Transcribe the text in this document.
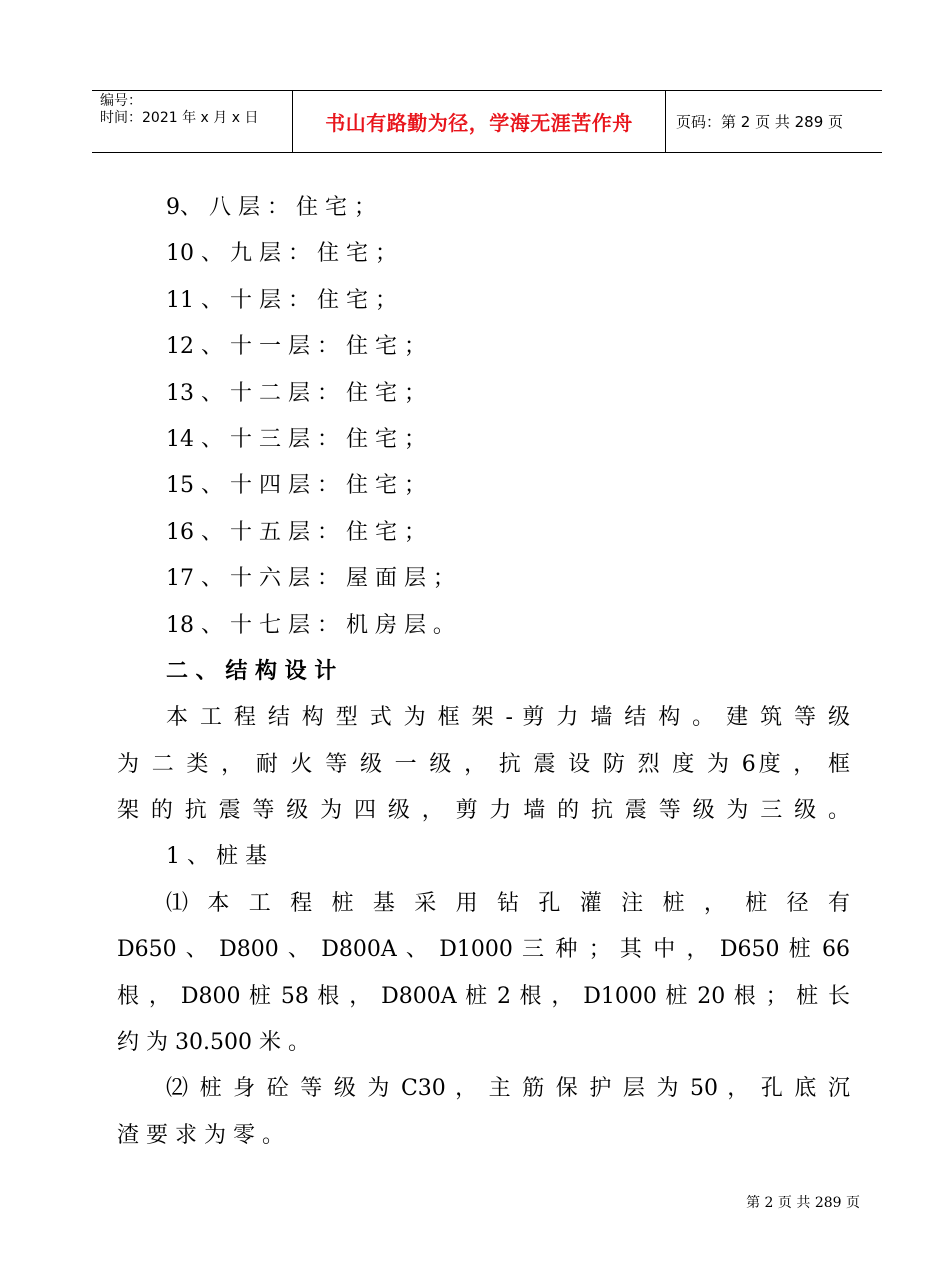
编号：
时间：2021 年 x 月 x 日	书山有路勤为径，学海无涯苦作舟	页码：第 2 页 共 289 页
9、 八 层 ： 住 宅 ；
10 、 九 层 ： 住 宅 ；
11 、 十 层 ： 住 宅 ；
12 、 十 一 层 ： 住 宅 ；
13 、 十 二 层 ： 住 宅 ；
14 、 十 三 层 ： 住 宅 ；
15 、 十 四 层 ： 住 宅 ；
16 、 十 五 层 ： 住 宅 ；
17 、 十 六 层 ： 屋 面 层 ；
18 、 十 七 层 ： 机 房 层 。
二 、 结 构 设 计
本 工 程 结 构 型 式 为 框 架 - 剪 力 墙 结 构 。 建 筑 等 级
为 二 类 ， 耐 火 等 级 一 级 ， 抗 震 设 防 烈 度 为 6度 ， 框
架 的 抗 震 等 级 为 四 级 ， 剪 力 墙 的 抗 震 等 级 为 三 级 。
1 、 桩 基
⑴ 本 工 程 桩 基 采 用 钻 孔 灌 注 桩 ， 桩 径 有
D650 、 D800 、 D800A 、 D1000 三 种 ； 其 中 ， D650 桩 66
根 ， D800 桩 58 根 ， D800A 桩 2 根 ， D1000 桩 20 根 ； 桩 长
约 为 30.500 米 。
⑵ 桩 身 砼 等 级 为 C30 ， 主 筋 保 护 层 为 50 ， 孔 底 沉
渣 要 求 为 零 。
第 2 页 共 289 页
